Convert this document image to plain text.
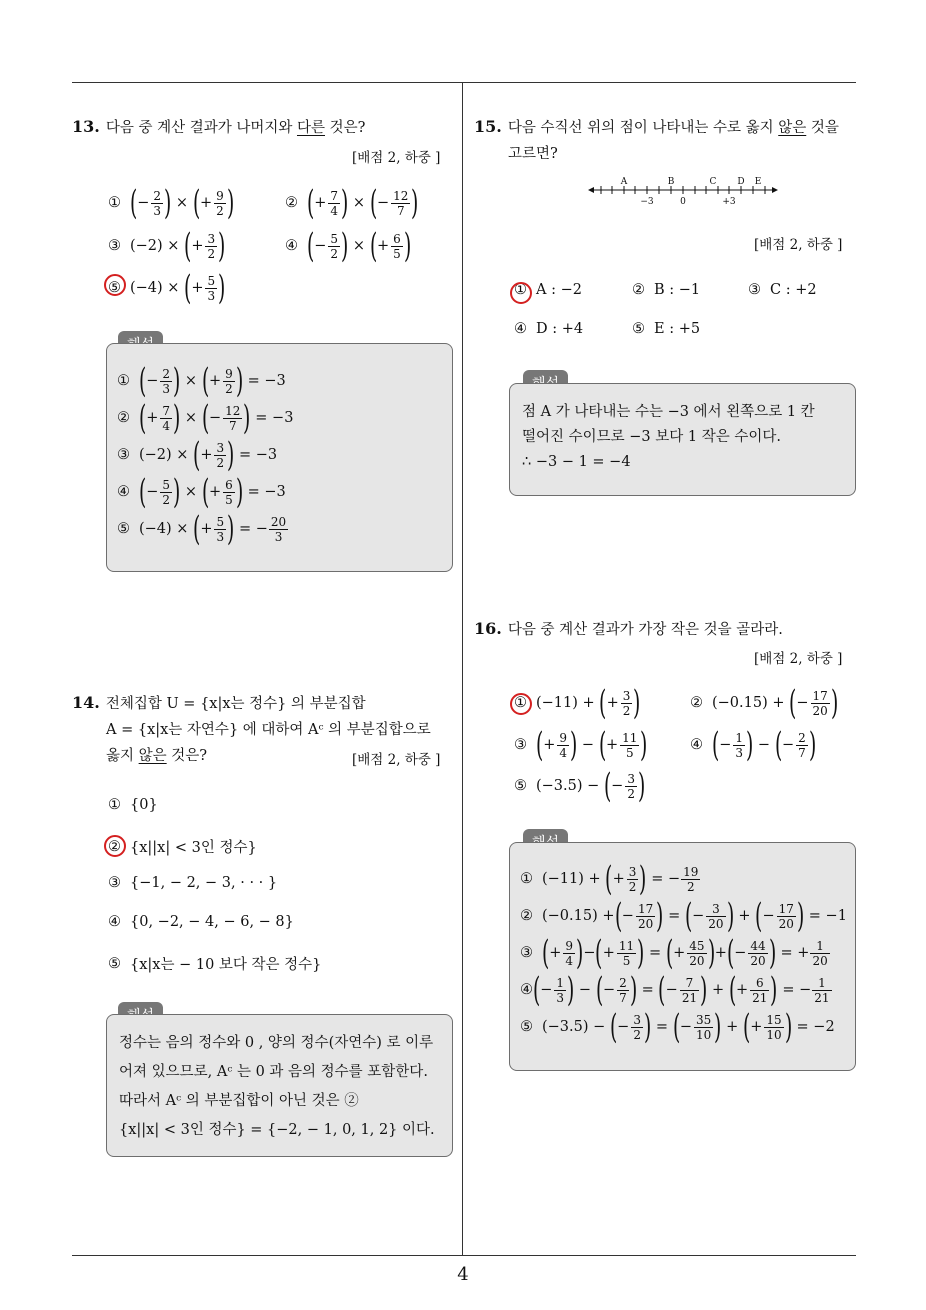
4
13. 다음 중 계산 결과가 나머지와 다른 것은?
[배점 2, 하중 ]
① ( − $\frac{2}{3}$ ) × ( + $\frac{9}{2}$ )	② ( + $\frac{7}{4}$ ) × ( − $\frac{12}{7}$ )
③ (−2) × ( + $\frac{3}{2}$ )	④ ( − $\frac{5}{2}$ ) × ( + $\frac{6}{5}$ )
⑤ (−4) × ( + $\frac{5}{3}$ )
① ( − $\frac{2}{3}$ ) × ( + $\frac{9}{2}$ )
= −3
② ( + $\frac{7}{4}$ ) × ( − $\frac{12}{7}$ )
= −3
③ (−2) × ( + $\frac{3}{2}$ )
= −3
④ ( − $\frac{5}{2}$ ) × ( + $\frac{6}{5}$ )
= −3
⑤ (−4) × ( + $\frac{5}{3}$ )
= − $\frac{20}{3}$
14. 전체집합 U = {x|x는 정수} 의 부분집합
A = {x|x는 자연수} 에 대하여 Aᶜ 의 부분집합으로
옳지 않은 것은?	[배점 2, 하중 ]
① {0}
② {x||x| < 3인 정수}
③ {−1, − 2, − 3, · · · }
④ {0, −2, − 4, − 6, − 8}
⑤ {x|x는 − 10 보다 작은 정수}
정수는 음의 정수와 0 , 양의 정수(자연수) 로 이루
어져 있으므로, Aᶜ 는 0 과 음의 정수를 포함한다.
따라서 Aᶜ 의 부분집합이 아닌 것은 ②
{x||x| < 3인 정수} = {−2, − 1, 0, 1, 2} 이다.
15. 다음 수직선 위의 점이 나타내는 수로 옳지 않은 것을
고르면?
A	B	C D E
−3	0	+3
[배점 2, 하중 ]
① A : −2	② B : −1	③ C : +2
④ D : +4	⑤ E : +5
점 A 가 나타내는 수는 −3 에서 왼쪽으로 1 칸
떨어진 수이므로 −3 보다 1 작은 수이다.
∴ −3 − 1 = −4
16. 다음 중 계산 결과가 가장 작은 것을 골라라.
[배점 2, 하중 ]
① (−11) + ( + $\frac{3}{2}$ )	② (−0.15) + ( − $\frac{17}{20}$ )
③ ( + $\frac{9}{4}$ ) − ( + $\frac{11}{5}$ )	④ ( − $\frac{1}{3}$ ) − ( − $\frac{2}{7}$ )
⑤ (−3.5) − ( − $\frac{3}{2}$ )
① (−11) + ( + $\frac{3}{2}$ ) = − $\frac{19}{2}$
② (−0.15) + ( − $\frac{17}{20}$ ) = ( − $\frac{3}{20}$ ) + ( − $\frac{17}{20}$ ) = −1
③ ( + $\frac{9}{4}$ ) − ( + $\frac{11}{5}$ ) = ( + $\frac{45}{20}$ ) + ( − $\frac{44}{20}$ ) = + $\frac{1}{20}$
④ ( − $\frac{1}{3}$ ) − ( − $\frac{2}{7}$ ) = ( − $\frac{7}{21}$ ) + ( + $\frac{6}{21}$ ) = − $\frac{1}{21}$
⑤ (−3.5) − ( − $\frac{3}{2}$ ) = ( − $\frac{35}{10}$ ) + ( + $\frac{15}{10}$ ) = −2
